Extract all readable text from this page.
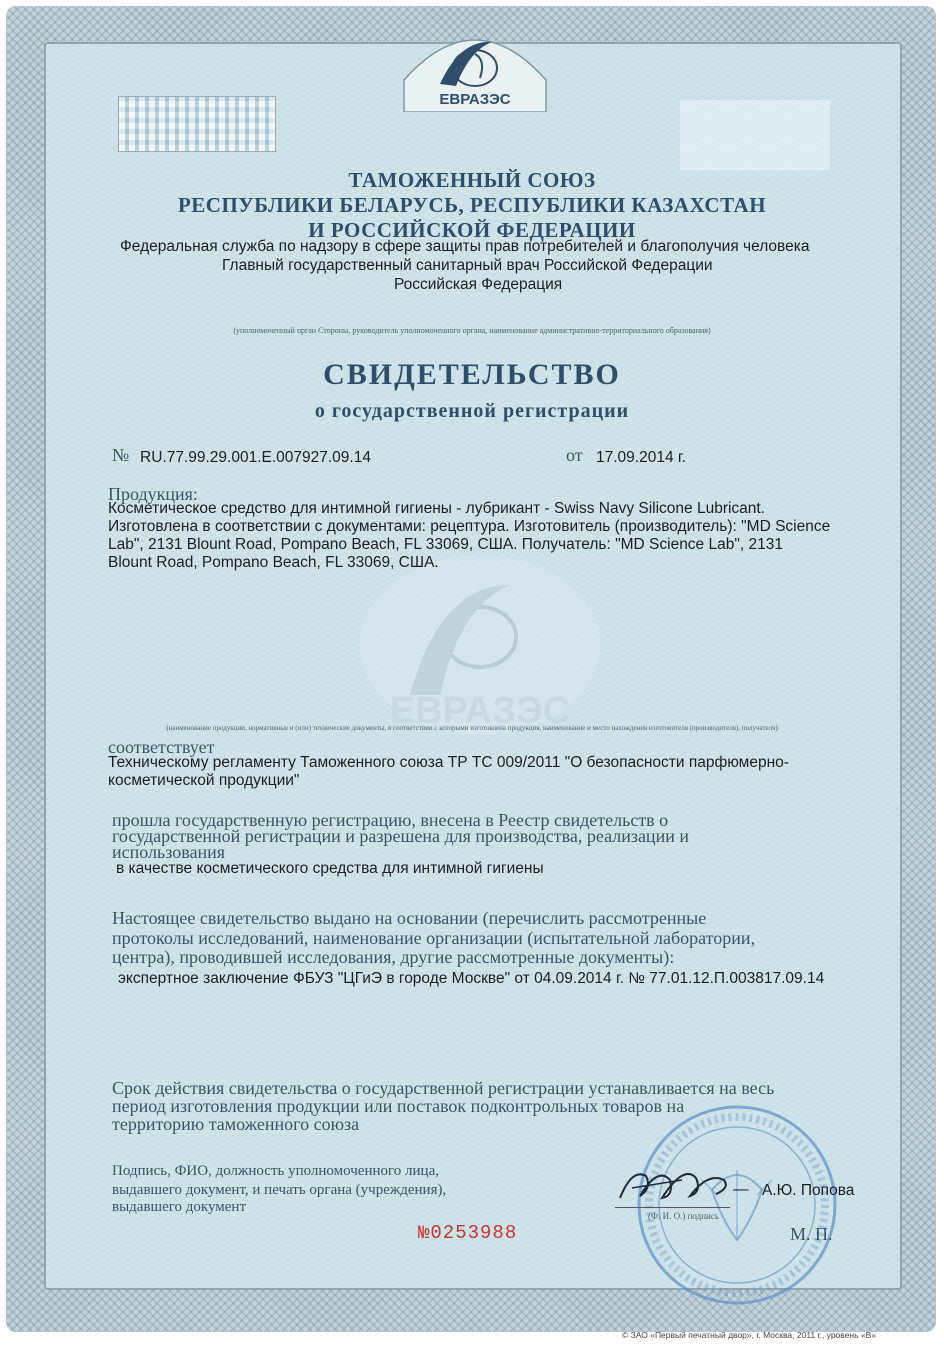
ЕВРАЗЭС
ЕВРАЗЭС

ТАМОЖЕННЫЙ СОЮЗ

РЕСПУБЛИКИ БЕЛАРУСЬ, РЕСПУБЛИКИ КАЗАХСТАН

И РОССИЙСКОЙ ФЕДЕРАЦИИ

Федеральная служба по надзору в сфере защиты прав потребителей и благополучия человека

Главный государственный санитарный врач Российской Федерации

Российская Федерация

(уполномоченный орган Стороны, руководитель уполномоченного органа, наименование административно-территориального образования)

СВИДЕТЕЛЬСТВО

о государственной регистрации

№ RU.77.99.29.001.E.007927.09.14	от 17.09.2014 г.

Продукция:

Косметическое средство для интимной гигиены - лубрикант - Swiss Navy Silicone Lubricant.

Изготовлена в соответствии с документами: рецептура. Изготовитель (производитель): "MD Science

Lab", 2131 Blount Road, Pompano Beach, FL 33069, США. Получатель: "MD Science Lab", 2131

Blount Road, Pompano Beach, FL 33069, США.

(наименование продукции, нормативные и (или) технические документы, в соответствии с которыми изготовлена продукция, наименование и место нахождения изготовителя (производителя), получателя)

соответствует

Техническому регламенту Таможенного союза ТР ТС 009/2011 "О безопасности парфюмерно-

косметической продукции"

прошла государственную регистрацию, внесена в Реестр свидетельств о

государственной регистрации и разрешена для производства, реализации и

использования

в качестве косметического средства для интимной гигиены

Настоящее свидетельство выдано на основании (перечислить рассмотренные

протоколы исследований, наименование организации (испытательной лаборатории,

центра), проводившей исследования, другие рассмотренные документы):

экспертное заключение ФБУЗ "ЦГиЭ в городе Москве" от 04.09.2014 г. № 77.01.12.П.003817.09.14

Срок действия свидетельства о государственной регистрации устанавливается на весь

период изготовления продукции или поставок подконтрольных товаров на

территорию таможенного союза

Подпись, ФИО, должность уполномоченного лица,

выдавшего документ, и печать органа (учреждения),

выдавшего документ

— А.Ю. Попова

(Ф. И. О.) подпись

М. П.

№0253988

© ЗАО «Первый печатный двор», г. Москва, 2011 г., уровень «В»
